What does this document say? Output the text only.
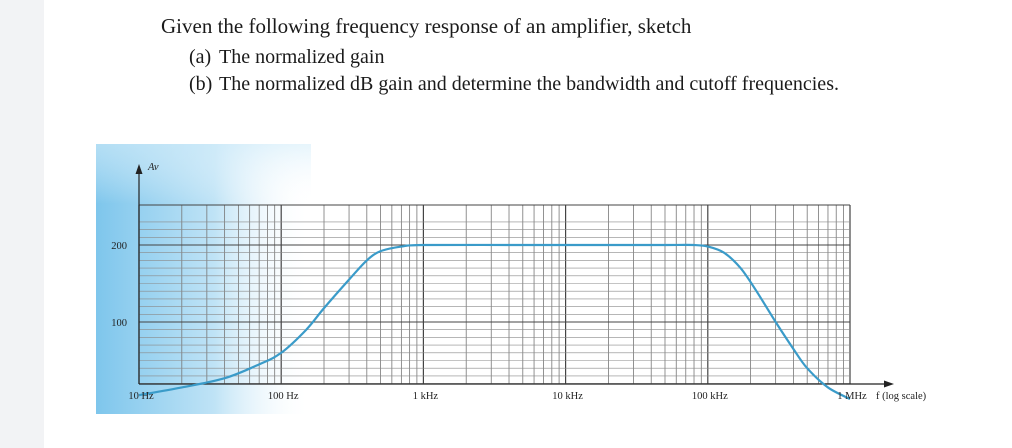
Given the following frequency response of an amplifier, sketch
(a) The normalized gain
(b) The normalized dB gain and determine the bandwidth and cutoff frequencies.
10 Hz	100 Hz	1 kHz	10 kHz	100 kHz	1 MHz
100
200
Av
f (log scale)
